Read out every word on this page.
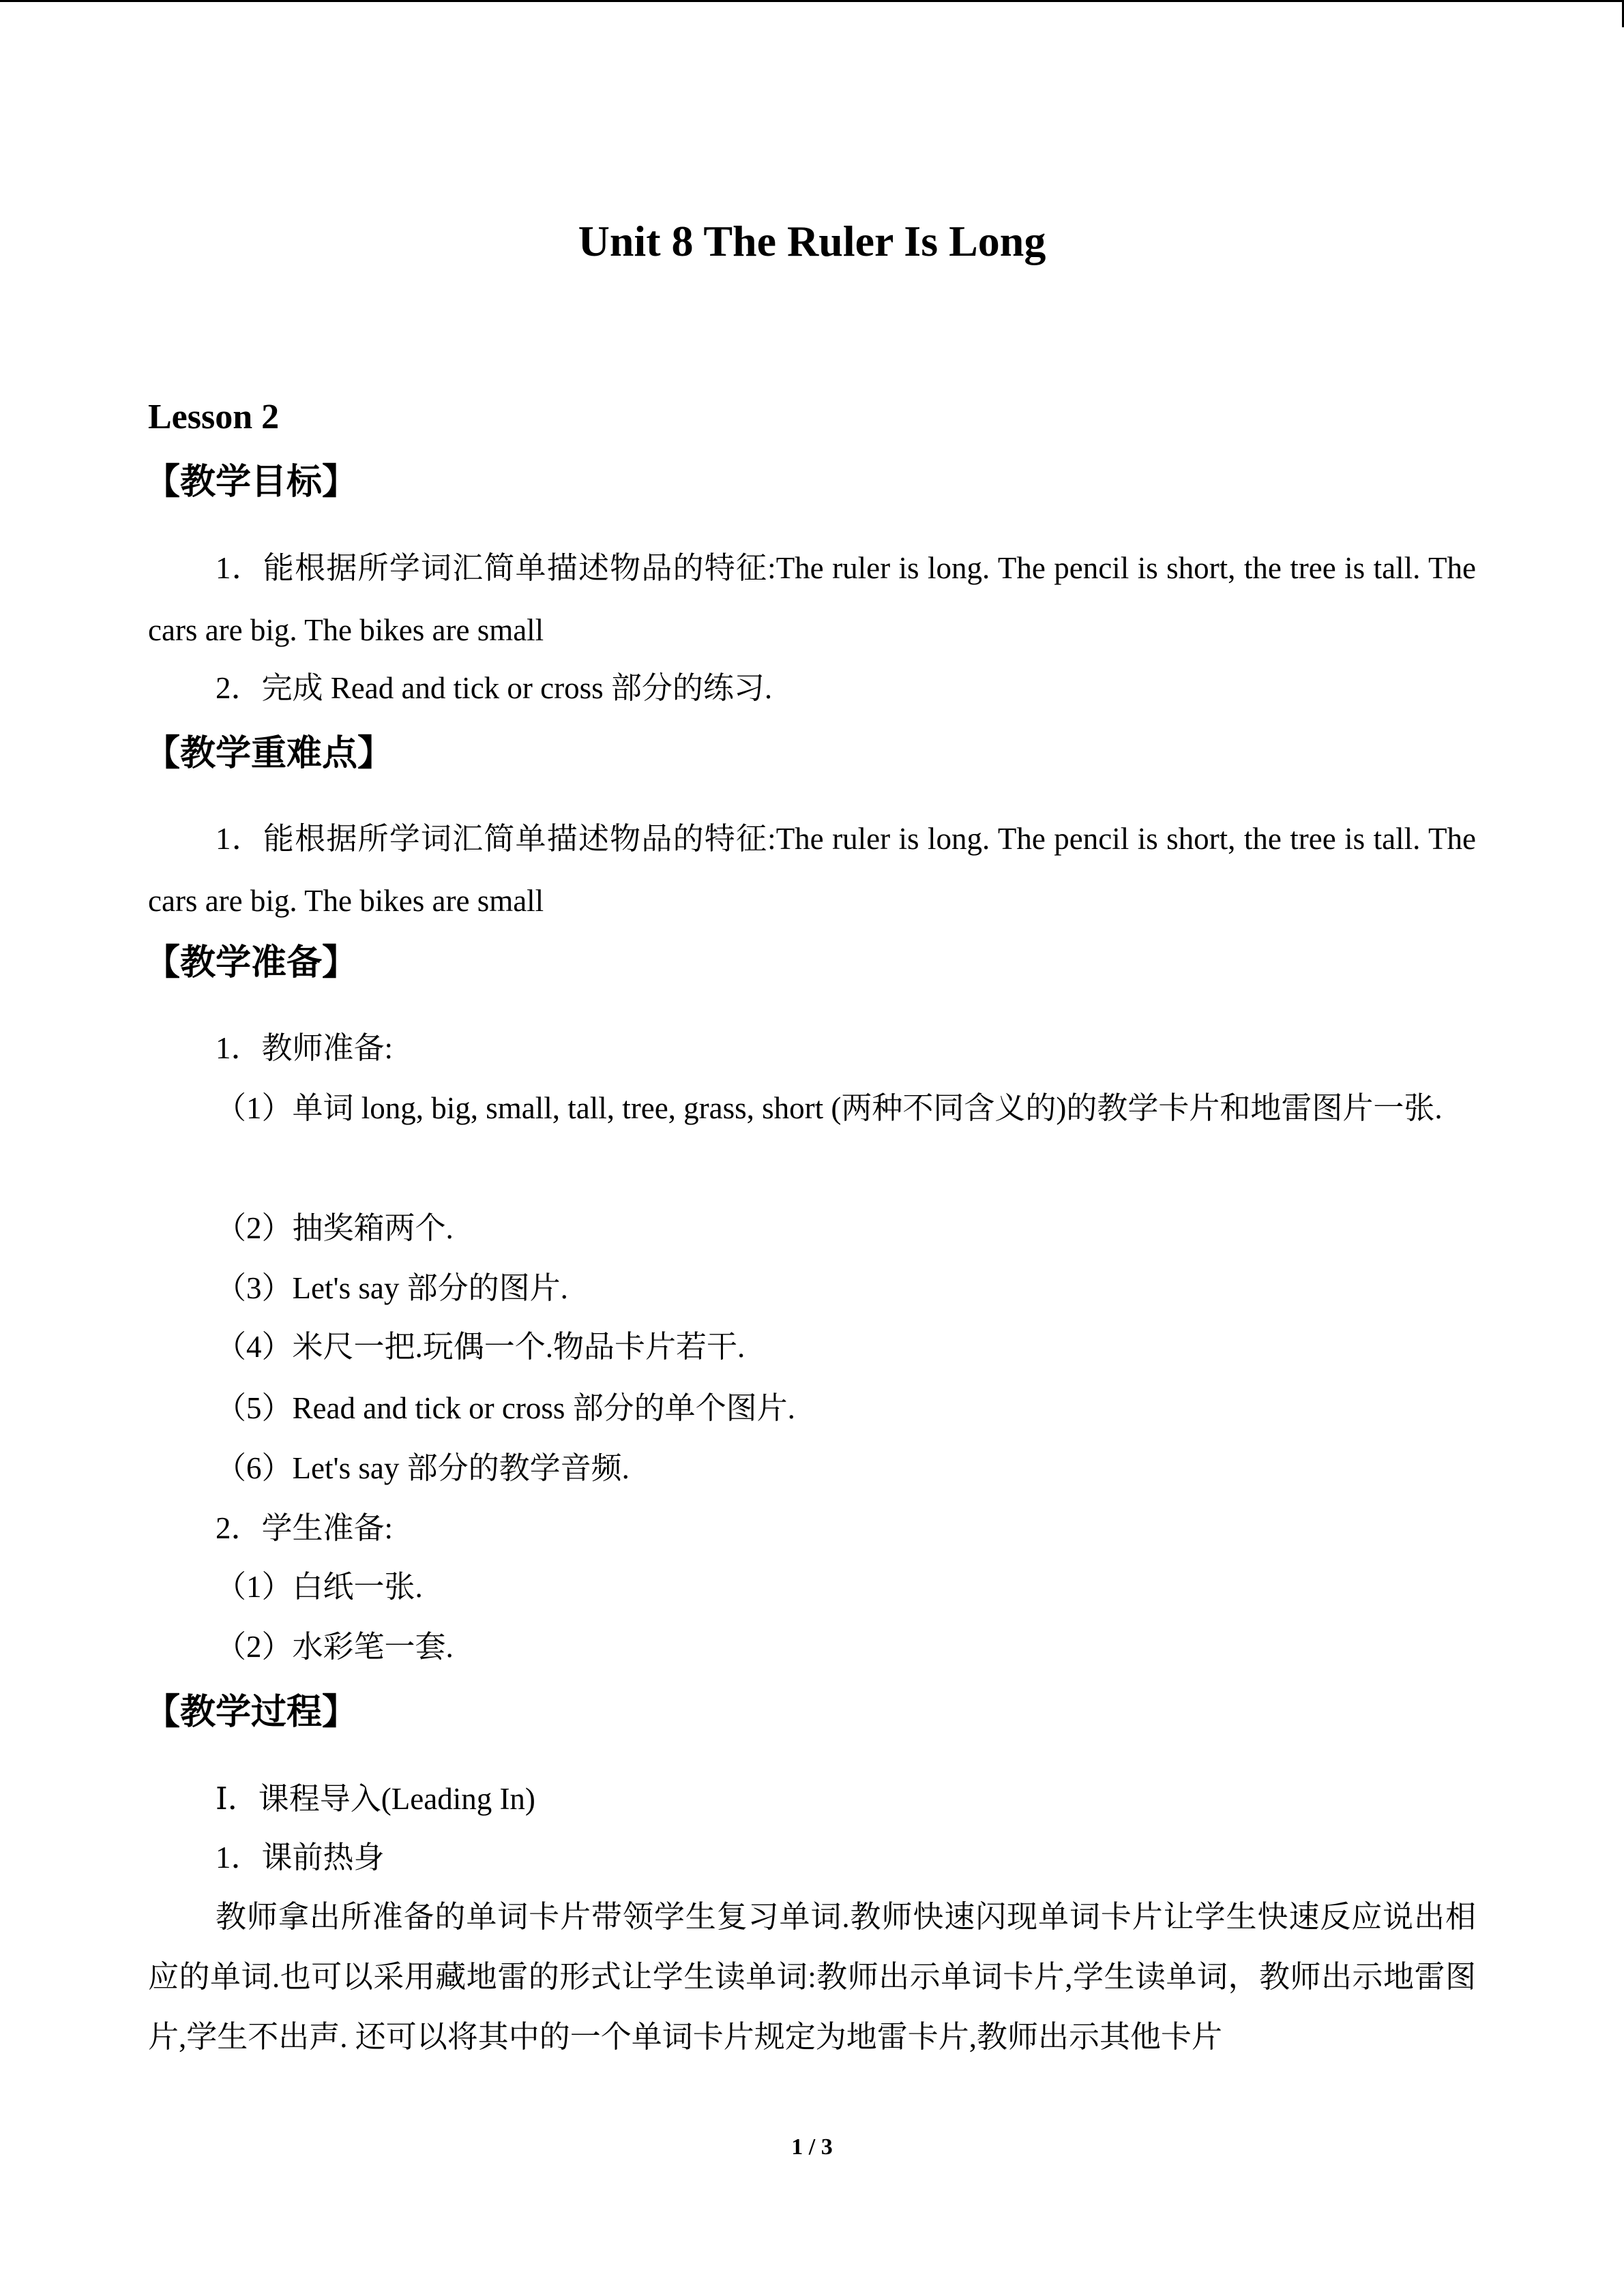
Unit 8 The Ruler Is Long
Lesson 2
【教学目标】

1．能根据所学词汇简单描述物品的特征:The ruler is long. The pencil is short, the tree is tall. The cars are big. The bikes are small

2．完成 Read and tick or cross 部分的练习.
【教学重难点】

1．能根据所学词汇简单描述物品的特征:The ruler is long. The pencil is short, the tree is tall. The cars are big. The bikes are small

【教学准备】
1．教师准备:

（1）单词 long, big, small, tall, tree, grass, short (两种不同含义的)的教学卡片和地雷图片一张.

（2）抽奖箱两个.
（3）Let's say 部分的图片.
（4）米尺一把.玩偶一个.物品卡片若干.
（5）Read and tick or cross 部分的单个图片.
（6）Let's say 部分的教学音频.
2．学生准备:
（1）白纸一张.
（2）水彩笔一套.
【教学过程】
Ⅰ．课程导入(Leading In)
1．课前热身

教师拿出所准备的单词卡片带领学生复习单词.教师快速闪现单词卡片让学生快速反应说出相应的单词.也可以采用藏地雷的形式让学生读单词:教师出示单词卡片,学生读单词，教师出示地雷图片,学生不出声. 还可以将其中的一个单词卡片规定为地雷卡片,教师出示其他卡片

1 / 3
